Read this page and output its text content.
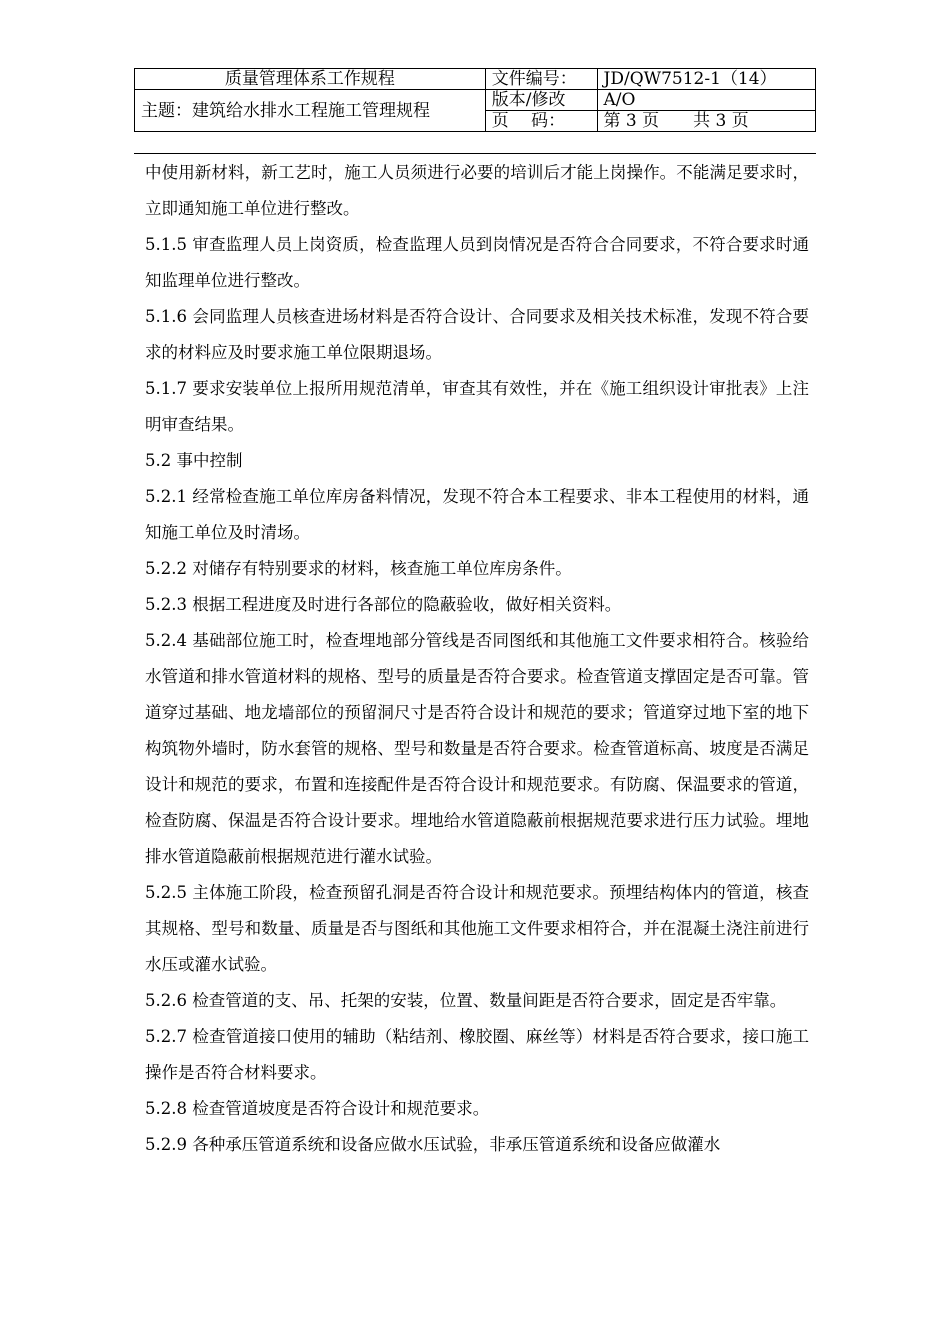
质量管理体系工作规程	文件编号：	JD/QW7512-1（14）
主题：建筑给水排水工程施工管理规程	版本/修改	A/O
	页　 码：	第 3 页　　共 3 页

中使用新材料，新工艺时，施工人员须进行必要的培训后才能上岗操作。不能满足要求时，立即通知施工单位进行整改。

5.1.5 审查监理人员上岗资质，检查监理人员到岗情况是否符合合同要求，不符合要求时通知监理单位进行整改。

5.1.6 会同监理人员核查进场材料是否符合设计、合同要求及相关技术标准，发现不符合要求的材料应及时要求施工单位限期退场。

5.1.7 要求安装单位上报所用规范清单，审查其有效性，并在《施工组织设计审批表》上注明审查结果。

5.2 事中控制

5.2.1 经常检查施工单位库房备料情况，发现不符合本工程要求、非本工程使用的材料，通知施工单位及时清场。

5.2.2 对储存有特别要求的材料，核查施工单位库房条件。

5.2.3 根据工程进度及时进行各部位的隐蔽验收，做好相关资料。

5.2.4 基础部位施工时，检查埋地部分管线是否同图纸和其他施工文件要求相符合。核验给水管道和排水管道材料的规格、型号的质量是否符合要求。检查管道支撑固定是否可靠。管道穿过基础、地龙墙部位的预留洞尺寸是否符合设计和规范的要求；管道穿过地下室的地下构筑物外墙时，防水套管的规格、型号和数量是否符合要求。检查管道标高、坡度是否满足设计和规范的要求，布置和连接配件是否符合设计和规范要求。有防腐、保温要求的管道，检查防腐、保温是否符合设计要求。埋地给水管道隐蔽前根据规范要求进行压力试验。埋地排水管道隐蔽前根据规范进行灌水试验。

5.2.5 主体施工阶段，检查预留孔洞是否符合设计和规范要求。预埋结构体内的管道，核查其规格、型号和数量、质量是否与图纸和其他施工文件要求相符合，并在混凝土浇注前进行水压或灌水试验。

5.2.6 检查管道的支、吊、托架的安装，位置、数量间距是否符合要求，固定是否牢靠。

5.2.7 检查管道接口使用的辅助（粘结剂、橡胶圈、麻丝等）材料是否符合要求，接口施工操作是否符合材料要求。

5.2.8 检查管道坡度是否符合设计和规范要求。

5.2.9 各种承压管道系统和设备应做水压试验，非承压管道系统和设备应做灌水
